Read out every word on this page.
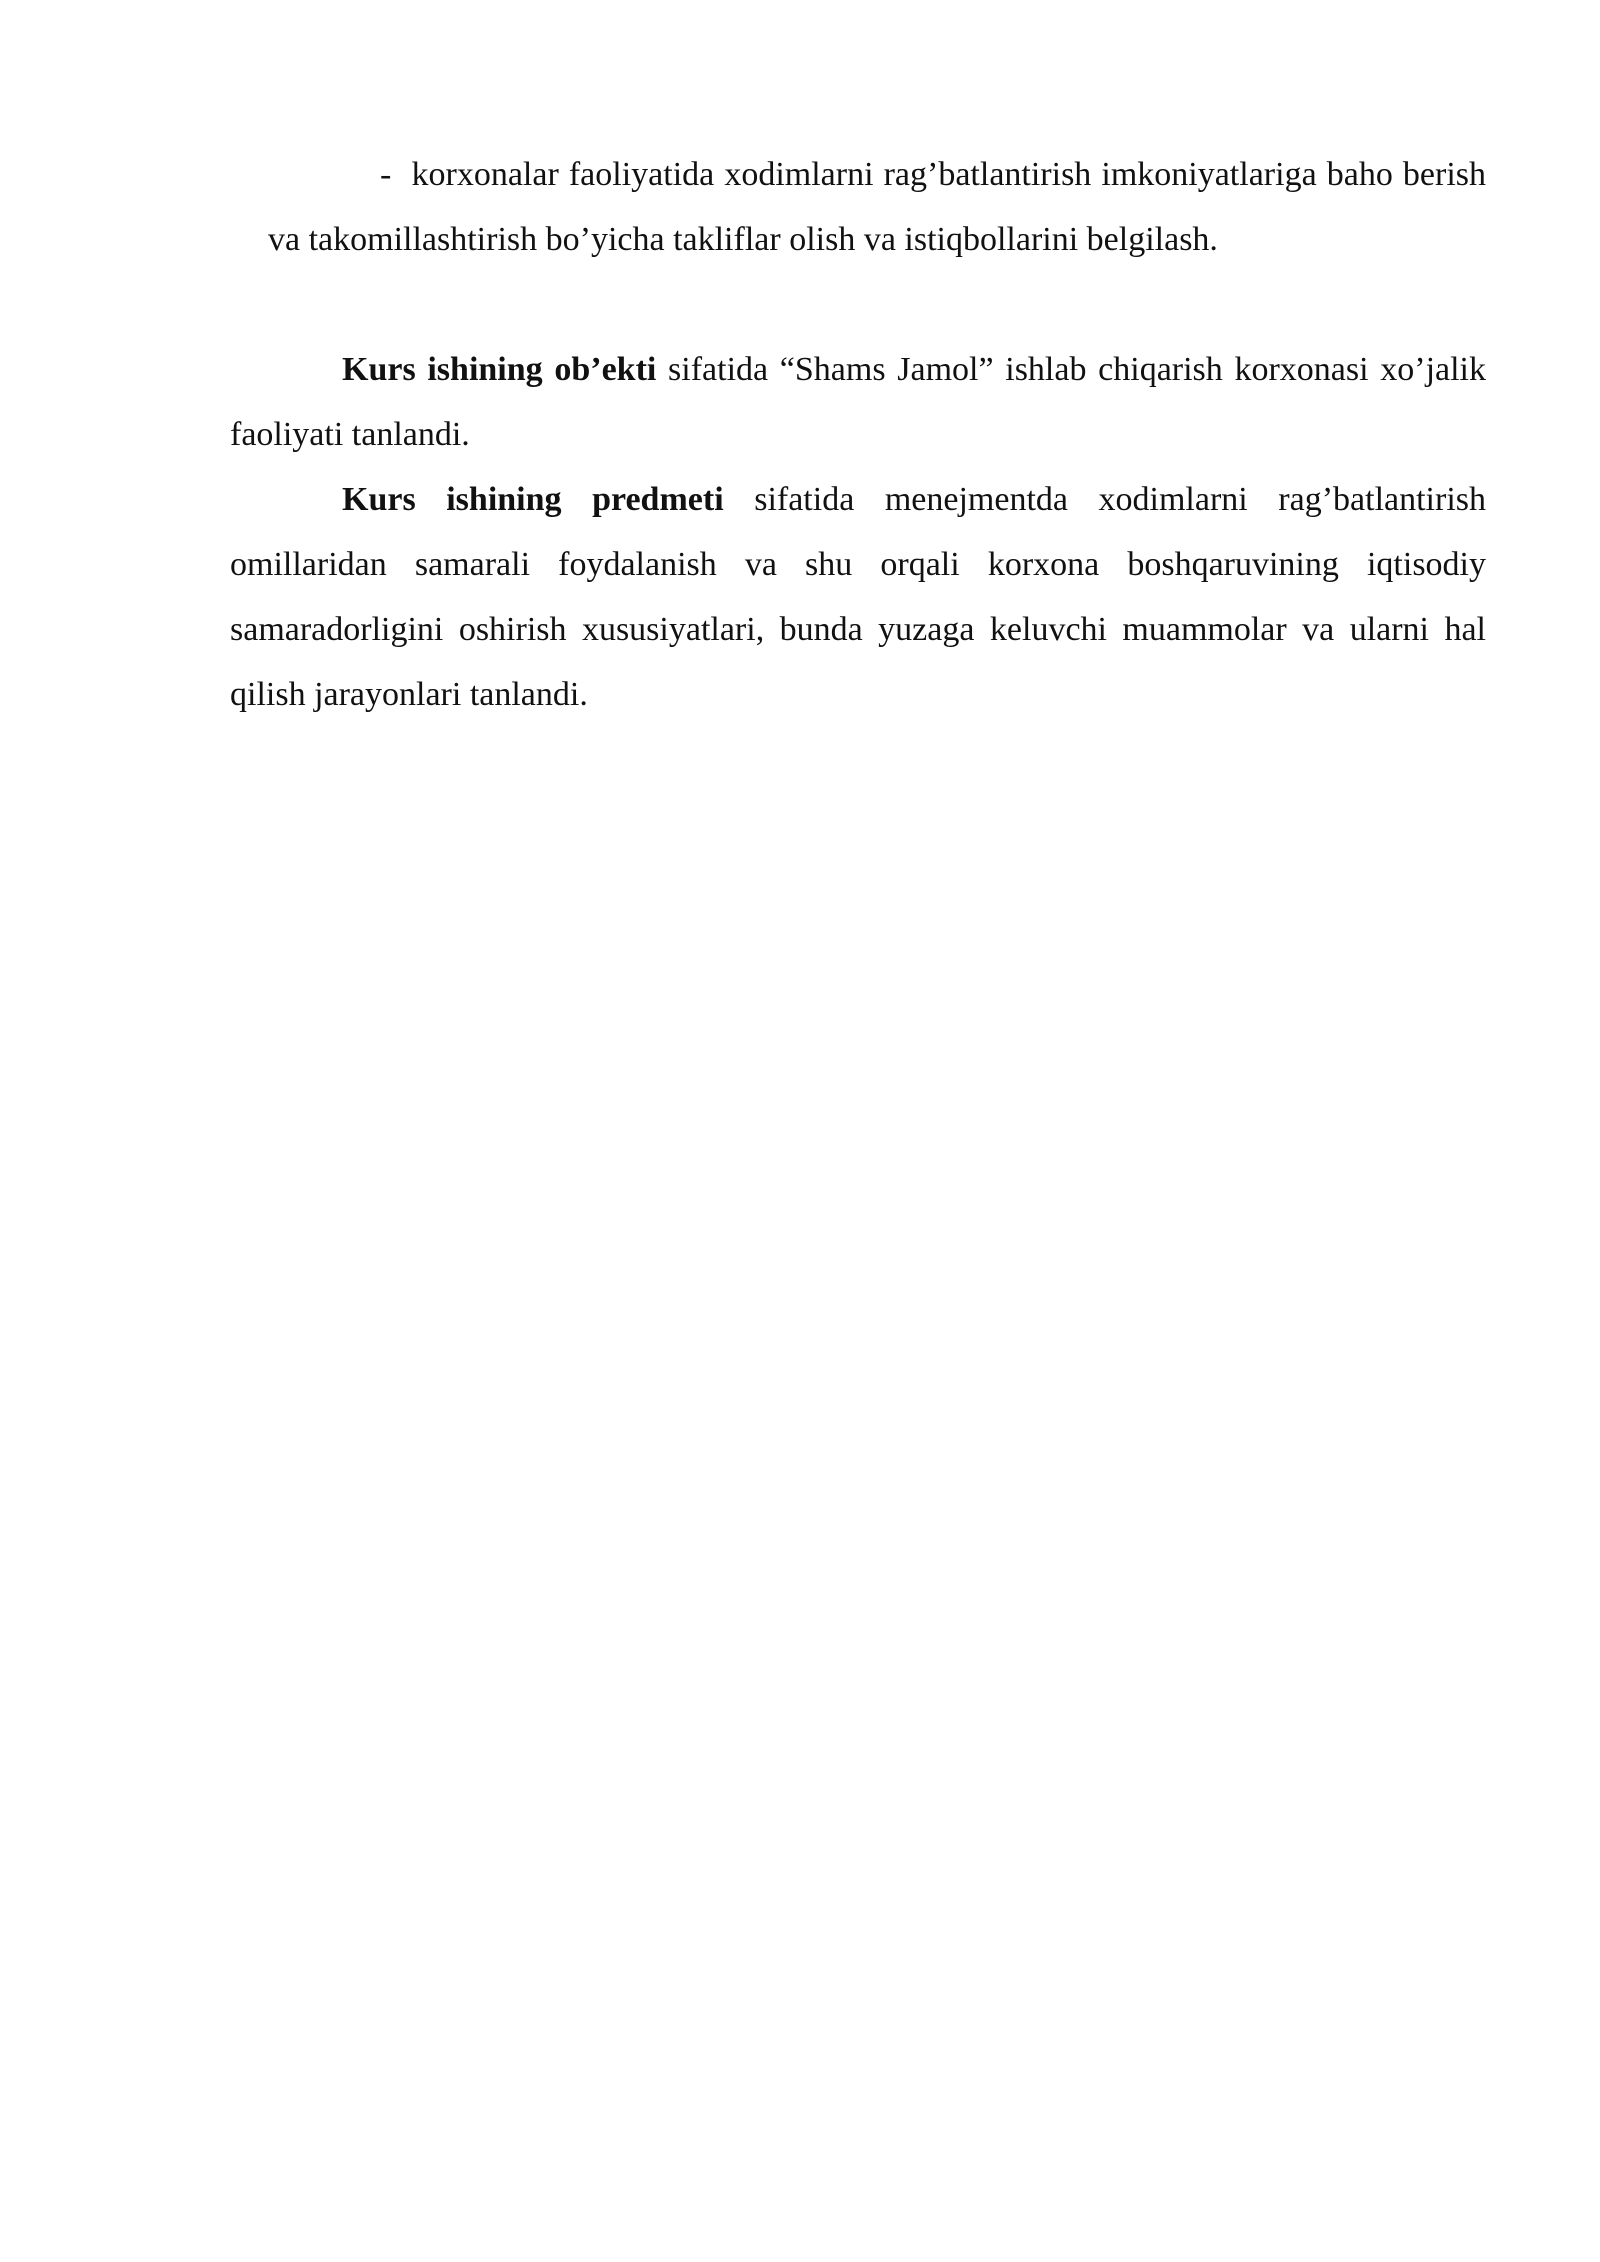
- korxonalar faoliyatida xodimlarni rag’batlantirish imkoniyatlariga baho berish va takomillashtirish bo’yicha takliflar olish va istiqbollarini belgilash.

Kurs ishining ob’ekti sifatida “Shams Jamol” ishlab chiqarish korxonasi xo’jalik faoliyati tanlandi.

Kurs ishining predmeti sifatida menejmentda xodimlarni rag’batlantirish omillaridan samarali foydalanish va shu orqali korxona boshqaruvining iqtisodiy samaradorligini oshirish xususiyatlari, bunda yuzaga keluvchi muammolar va ularni hal qilish jarayonlari tanlandi.
